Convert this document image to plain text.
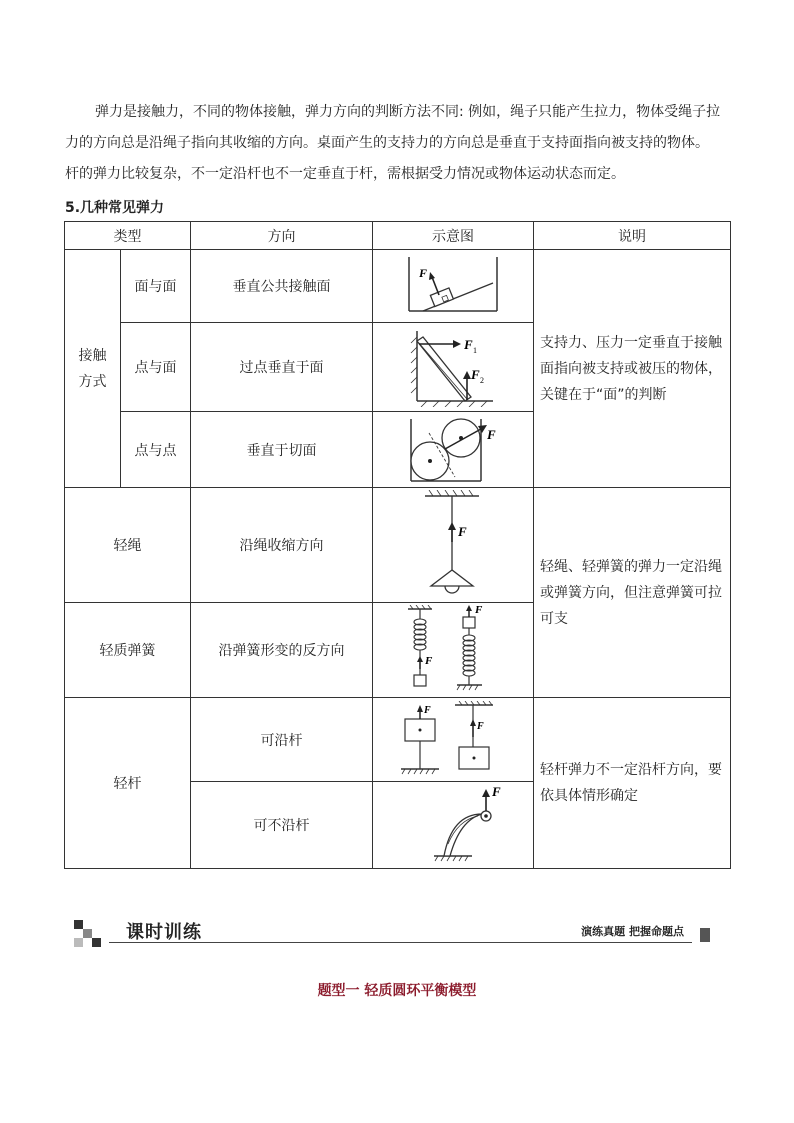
弹力是接触力，不同的物体接触，弹力方向的判断方法不同: 例如，绳子只能产生拉力，物体受绳子拉

力的方向总是沿绳子指向其收缩的方向。桌面产生的支持力的方向总是垂直于支持面指向被支持的物体。

杆的弹力比较复杂，不一定沿杆也不一定垂直于杆，需根据受力情况或物体运动状态而定。

5.几种常见弹力
类型		方向	示意图	说明

接触方式	面与面	垂直公共接触面	F	支持力、压力一定垂直于接触面指向被支持或被压的物体，关键在于“面”的判断
	点与面	过点垂直于面	F 1
F 2	

	点与点	垂直于切面	F	

轻绳		沿绳收缩方向	F	轻绳、轻弹簧的弹力一定沿绳或弹簧方向，但注意弹簧可拉可支
轻质弹簧		沿弹簧形变的反方向	F
F	

轻杆		可沿杆	F
F	轻杆弹力不一定沿杆方向，要依具体情形确定
		可不沿杆	F	
课时训练	演练真题 把握命题点
题型一 轻质圆环平衡模型
